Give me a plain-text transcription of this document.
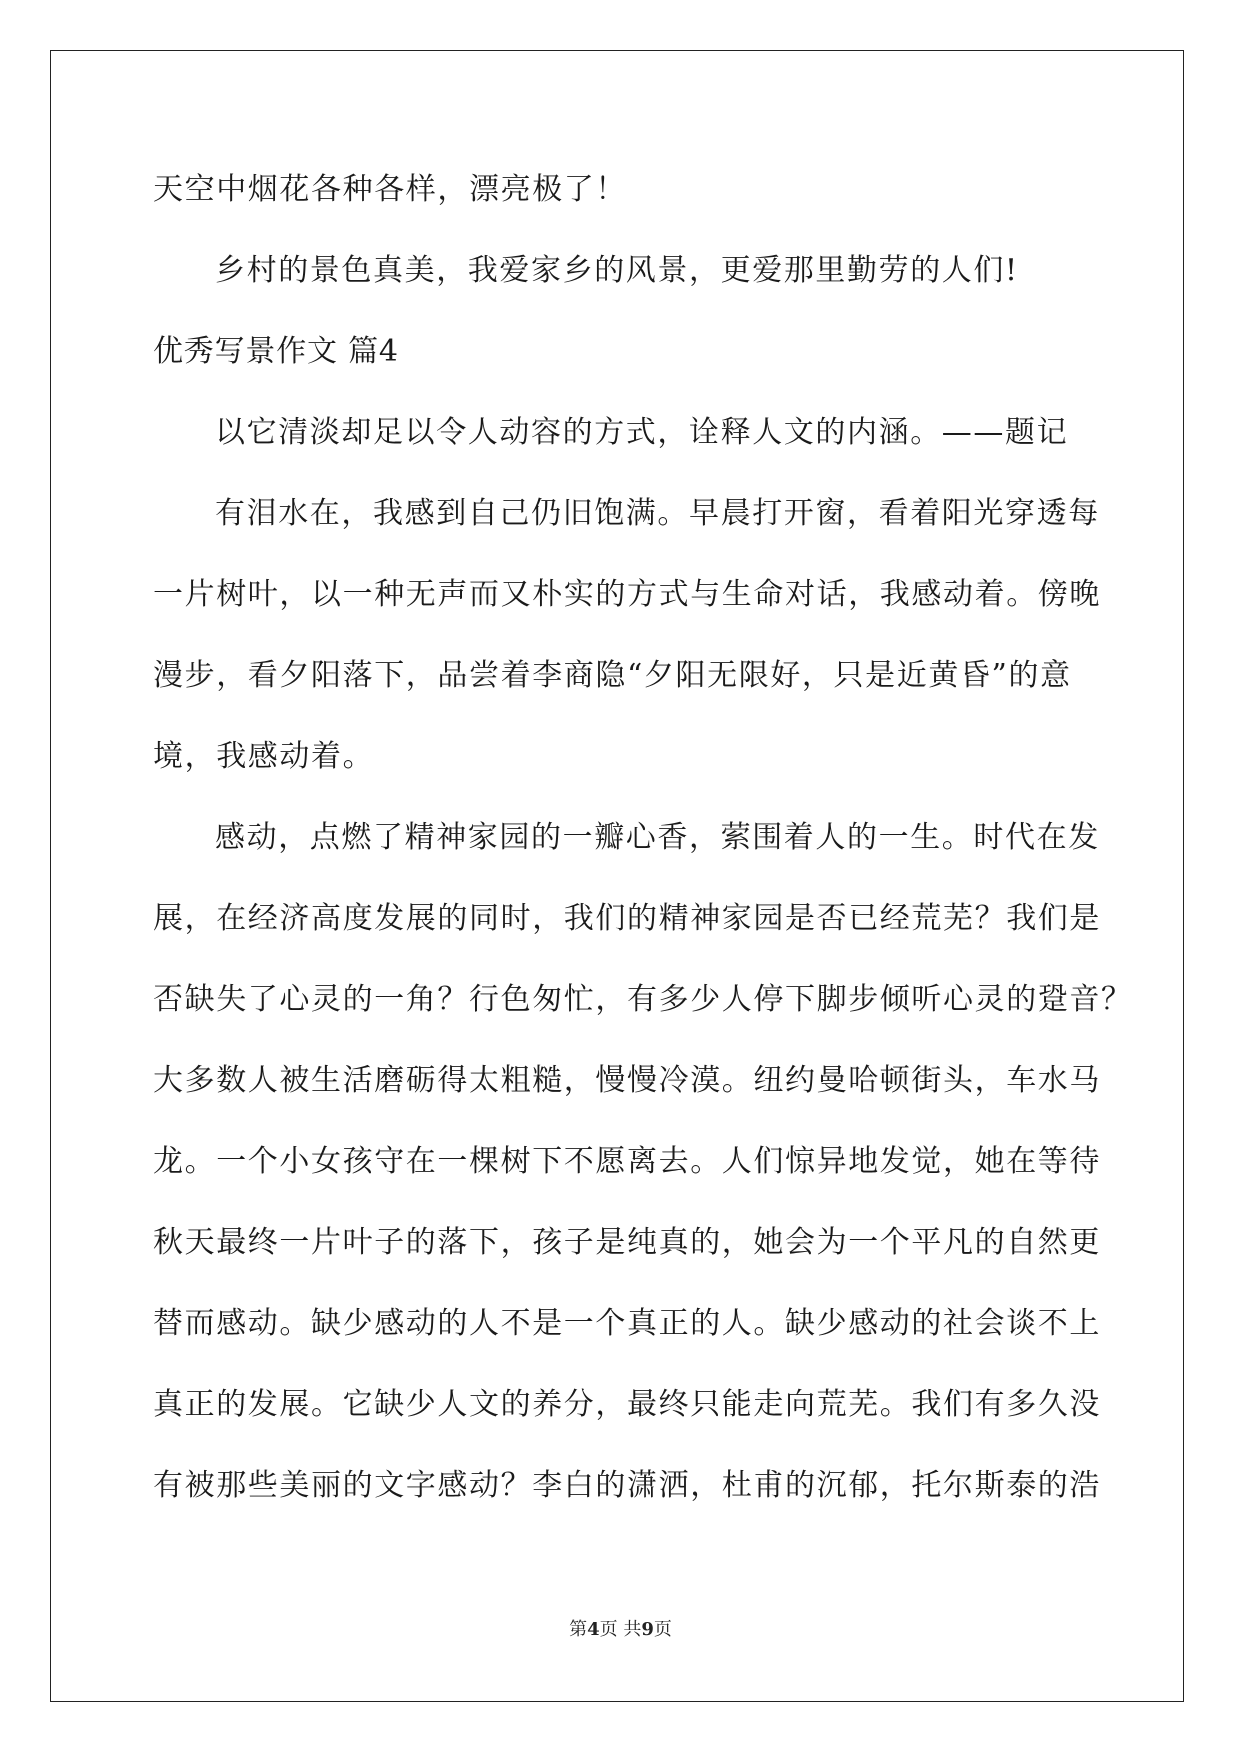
天空中烟花各种各样，漂亮极了！
乡村的景色真美，我爱家乡的风景，更爱那里勤劳的人们!
优秀写景作文 篇4
以它清淡却足以令人动容的方式，诠释人文的内涵。——题记
有泪水在，我感到自己仍旧饱满。早晨打开窗，看着阳光穿透每
一片树叶，以一种无声而又朴实的方式与生命对话，我感动着。傍晚
漫步，看夕阳落下，品尝着李商隐“夕阳无限好，只是近黄昏”的意
境，我感动着。
感动，点燃了精神家园的一瓣心香，萦围着人的一生。时代在发
展，在经济高度发展的同时，我们的精神家园是否已经荒芜？我们是
否缺失了心灵的一角？行色匆忙，有多少人停下脚步倾听心灵的跫音？
大多数人被生活磨砺得太粗糙，慢慢冷漠。纽约曼哈顿街头，车水马
龙。一个小女孩守在一棵树下不愿离去。人们惊异地发觉，她在等待
秋天最终一片叶子的落下，孩子是纯真的，她会为一个平凡的自然更
替而感动。缺少感动的人不是一个真正的人。缺少感动的社会谈不上
真正的发展。它缺少人文的养分，最终只能走向荒芜。我们有多久没
有被那些美丽的文字感动？李白的潇洒，杜甫的沉郁，托尔斯泰的浩
第4页 共9页
